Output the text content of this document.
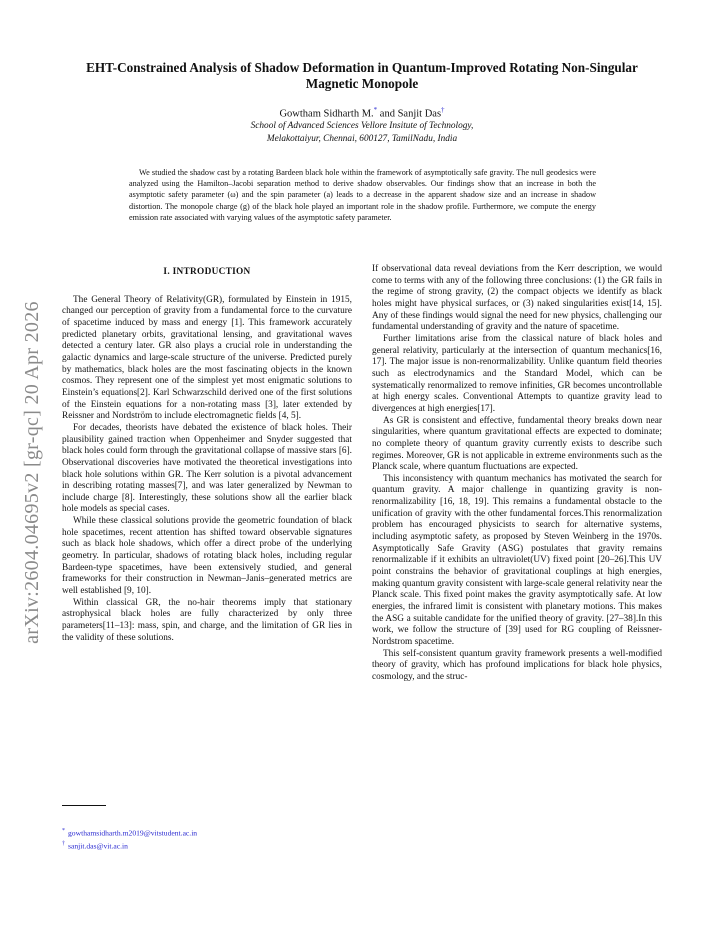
arXiv:2604.04695v2 [gr-qc] 20 Apr 2026
EHT-Constrained Analysis of Shadow Deformation in Quantum-Improved Rotating Non-Singular
Magnetic Monopole
Gowtham Sidharth M.* and Sanjit Das†
School of Advanced Sciences Vellore Insitute of Technology,
Melakottaiyur, Chennai, 600127, TamilNadu, India
We studied the shadow cast by a rotating Bardeen black hole within the framework of asymptotically safe gravity. The null geodesics were analyzed using the Hamilton–Jacobi separation method to derive shadow observables. Our findings show that an increase in both the asymptotic safety parameter (ω) and the spin parameter (a) leads to a decrease in the apparent shadow size and an increase in shadow distortion. The monopole charge (g) of the black hole played an important role in the shadow profile. Furthermore, we compute the energy emission rate associated with varying values of the asymptotic safety parameter.
I. INTRODUCTION

The General Theory of Relativity(GR), formulated by Einstein in 1915, changed our perception of gravity from a fundamental force to the curvature of spacetime induced by mass and energy [1]. This framework accurately predicted planetary orbits, gravitational lensing, and gravitational waves detected a century later. GR also plays a crucial role in understanding the galactic dynamics and large-scale structure of the universe. Predicted purely by mathematics, black holes are the most fascinating objects in the known cosmos. They represent one of the simplest yet most enigmatic solutions to Einstein’s equations[2]. Karl Schwarzschild derived one of the first solutions of the Einstein equations for a non-rotating mass [3], later extended by Reissner and Nordström to include electromagnetic fields [4, 5].

For decades, theorists have debated the existence of black holes. Their plausibility gained traction when Oppenheimer and Snyder suggested that black holes could form through the gravitational collapse of massive stars [6]. Observational discoveries have motivated the theoretical investigations into black hole solutions within GR. The Kerr solution is a pivotal advancement in describing rotating masses[7], and was later generalized by Newman to include charge [8]. Interestingly, these solutions show all the earlier black hole models as special cases.

While these classical solutions provide the geometric foundation of black hole spacetimes, recent attention has shifted toward observable signatures such as black hole shadows, which offer a direct probe of the underlying geometry. In particular, shadows of rotating black holes, including regular Bardeen-type spacetimes, have been extensively studied, and general frameworks for their construction in Newman–Janis–generated metrics are well established [9, 10].

Within classical GR, the no-hair theorems imply that stationary astrophysical black holes are fully characterized by only three parameters[11–13]: mass, spin, and charge, and the limitation of GR lies in the validity of these solutions.

If observational data reveal deviations from the Kerr description, we would come to terms with any of the following three conclusions: (1) the GR fails in the regime of strong gravity, (2) the compact objects we identify as black holes might have physical surfaces, or (3) naked singularities exist[14, 15]. Any of these findings would signal the need for new physics, challenging our fundamental understanding of gravity and the nature of spacetime.

Further limitations arise from the classical nature of black holes and general relativity, particularly at the intersection of quantum mechanics[16, 17]. The major issue is non-renormalizability. Unlike quantum field theories such as electrodynamics and the Standard Model, which can be systematically renormalized to remove infinities, GR becomes uncontrollable at high energy scales. Conventional Attempts to quantize gravity lead to divergences at high energies[17].

As GR is consistent and effective, fundamental theory breaks down near singularities, where quantum gravitational effects are expected to dominate; no complete theory of quantum gravity currently exists to describe such regimes. Moreover, GR is not applicable in extreme environments such as the Planck scale, where quantum fluctuations are expected.

This inconsistency with quantum mechanics has motivated the search for quantum gravity. A major challenge in quantizing gravity is non-renormalizability [16, 18, 19]. This remains a fundamental obstacle to the unification of gravity with the other fundamental forces.This renormalization problem has encouraged physicists to search for alternative systems, including asymptotic safety, as proposed by Steven Weinberg in the 1970s. Asymptotically Safe Gravity (ASG) postulates that gravity remains renormalizable if it exhibits an ultraviolet(UV) fixed point [20–26].This UV point constrains the behavior of gravitational couplings at high energies, making quantum gravity consistent with large-scale general relativity near the Planck scale. This fixed point makes the gravity asymptotically safe. At low energies, the infrared limit is consistent with planetary motions. This makes the ASG a suitable candidate for the unified theory of gravity. [27–38].In this work, we follow the structure of [39] used for RG coupling of Reissner-Nordstrom spacetime.

This self-consistent quantum gravity framework presents a well-modified theory of gravity, which has profound implications for black hole physics, cosmology, and the struc-

* gowthamsidharth.m2019@vitstudent.ac.in
† sanjit.das@vit.ac.in
